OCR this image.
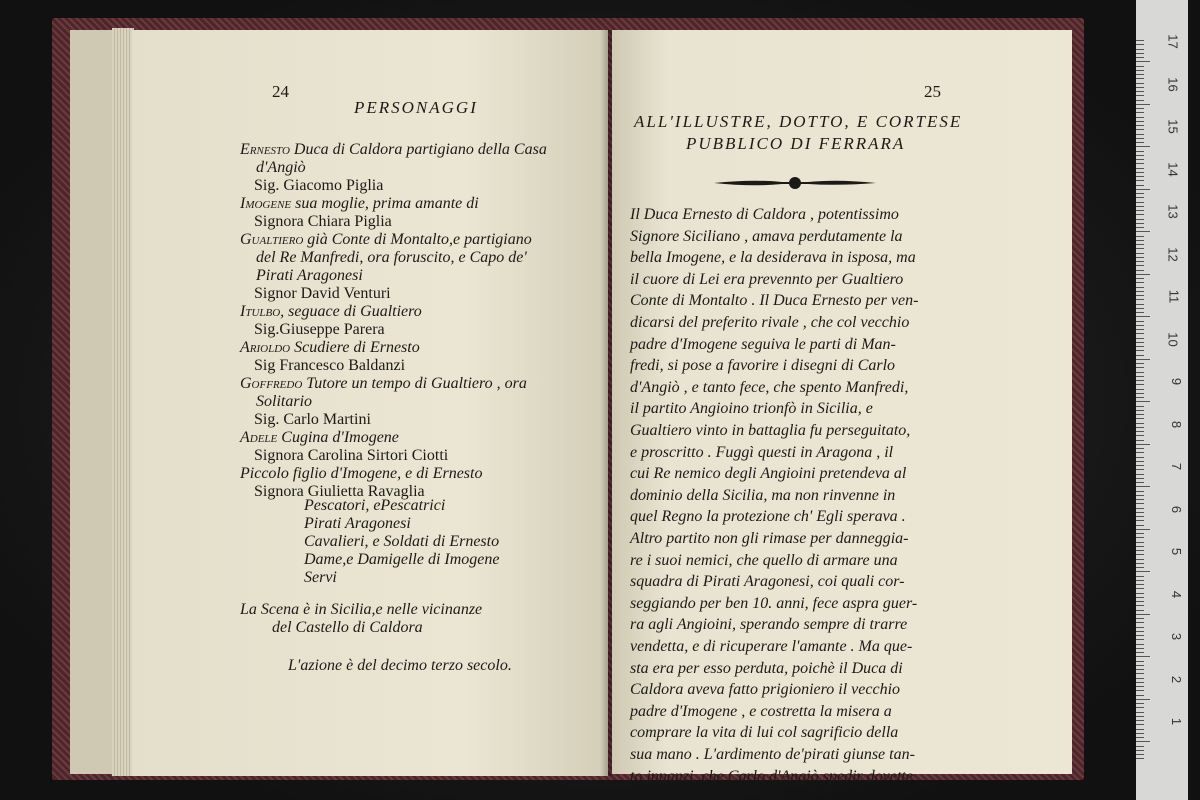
24
PERSONAGGI
Ernesto Duca di Caldora partigiano della Casa
d'Angiò
Sig. Giacomo Piglia
Imogene sua moglie, prima amante di
Signora Chiara Piglia
Gualtiero già Conte di Montalto,e partigiano
del Re Manfredi, ora foruscito, e Capo de'
Pirati Aragonesi
Signor David Venturi
Itulbo, seguace di Gualtiero
Sig.Giuseppe Parera
Arioldo Scudiere di Ernesto
Sig Francesco Baldanzi
Goffredo Tutore un tempo di Gualtiero , ora
Solitario
Sig. Carlo Martini
Adele Cugina d'Imogene
Signora Carolina Sirtori Ciotti
Piccolo figlio d'Imogene, e di Ernesto
Signora Giulietta Ravaglia
Pescatori, ePescatrici
Pirati Aragonesi
Cavalieri, e Soldati di Ernesto
Dame,e Damigelle di Imogene
Servi
La Scena è in Sicilia,e nelle vicinanze
del Castello di Caldora
L'azione è del decimo terzo secolo.
25
ALL'ILLUSTRE, DOTTO, E CORTESE
PUBBLICO DI FERRARA
Il Duca Ernesto di Caldora , potentissimo
Signore Siciliano , amava perdutamente la
bella Imogene, e la desiderava in isposa, ma
il cuore di Lei era prevennto per Gualtiero
Conte di Montalto . Il Duca Ernesto per ven-
dicarsi del preferito rivale , che col vecchio
padre d'Imogene seguiva le parti di Man-
fredi, si pose a favorire i disegni di Carlo
d'Angiò , e tanto fece, che spento Manfredi,
il partito Angioino trionfò in Sicilia, e
Gualtiero vinto in battaglia fu perseguitato,
e proscritto . Fuggì questi in Aragona , il
cui Re nemico degli Angioini pretendeva al
dominio della Sicilia, ma non rinvenne in
quel Regno la protezione ch' Egli sperava .
Altro partito non gli rimase per danneggia-
re i suoi nemici, che quello di armare una
squadra di Pirati Aragonesi, coi quali cor-
seggiando per ben 10. anni, fece aspra guer-
ra agli Angioini, sperando sempre di trarre
vendetta, e di ricuperare l'amante . Ma que-
sta era per esso perduta, poichè il Duca di
Caldora aveva fatto prigioniero il vecchio
padre d'Imogene , e costretta la misera a
comprare la vita di lui col sagrificio della
sua mano . L'ardimento de'pirati giunse tan-
to innanzi, che Carlo d'Angiò spedir dovette
17
16
15
14
13
12
11
10
9
8
7
6
5
4
3
2
1
